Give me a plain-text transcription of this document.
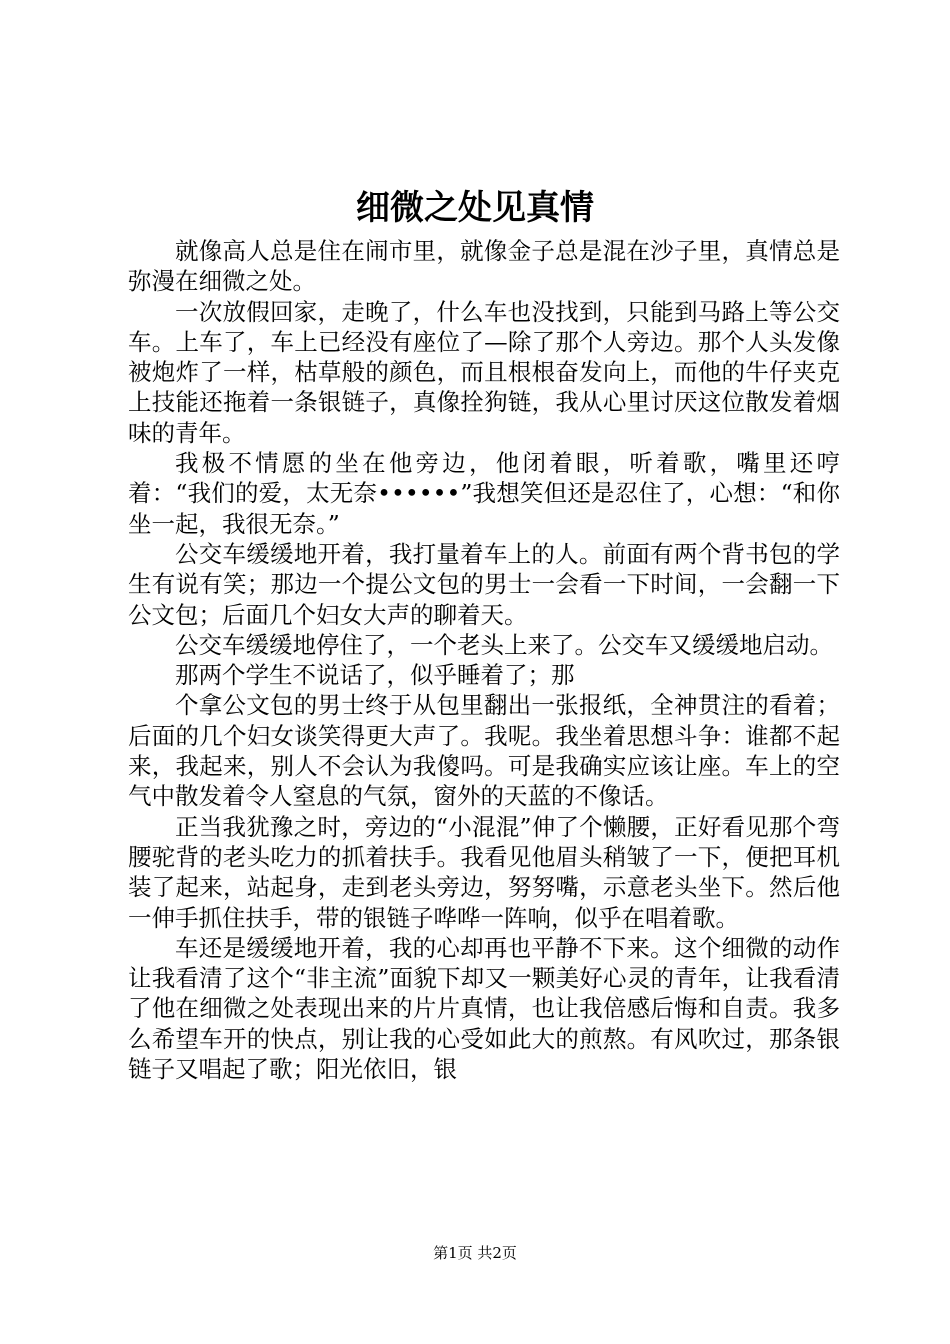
细微之处见真情

就像高人总是住在闹市里，就像金子总是混在沙子里，真情总是弥漫在细微之处。

一次放假回家，走晚了，什么车也没找到，只能到马路上等公交车。上车了，车上已经没有座位了—除了那个人旁边。那个人头发像被炮炸了一样，枯草般的颜色，而且根根奋发向上，而他的牛仔夹克上技能还拖着一条银链子，真像拴狗链，我从心里讨厌这位散发着烟味的青年。

我极不情愿的坐在他旁边，他闭着眼，听着歌，嘴里还哼着：“我们的爱，太无奈••••••”我想笑但还是忍住了，心想：“和你坐一起，我很无奈。”

公交车缓缓地开着，我打量着车上的人。前面有两个背书包的学生有说有笑；那边一个提公文包的男士一会看一下时间，一会翻一下公文包；后面几个妇女大声的聊着天。

公交车缓缓地停住了，一个老头上来了。公交车又缓缓地启动。

那两个学生不说话了，似乎睡着了；那

个拿公文包的男士终于从包里翻出一张报纸，全神贯注的看着；后面的几个妇女谈笑得更大声了。我呢。我坐着思想斗争：谁都不起来，我起来，别人不会认为我傻吗。可是我确实应该让座。车上的空气中散发着令人窒息的气氛，窗外的天蓝的不像话。

正当我犹豫之时，旁边的“小混混”伸了个懒腰，正好看见那个弯腰驼背的老头吃力的抓着扶手。我看见他眉头稍皱了一下，便把耳机装了起来，站起身，走到老头旁边，努努嘴，示意老头坐下。然后他一伸手抓住扶手，带的银链子哗哗一阵响，似乎在唱着歌。

车还是缓缓地开着，我的心却再也平静不下来。这个细微的动作让我看清了这个“非主流”面貌下却又一颗美好心灵的青年，让我看清了他在细微之处表现出来的片片真情，也让我倍感后悔和自责。我多么希望车开的快点，别让我的心受如此大的煎熬。有风吹过，那条银链子又唱起了歌；阳光依旧，银

第1页 共2页
